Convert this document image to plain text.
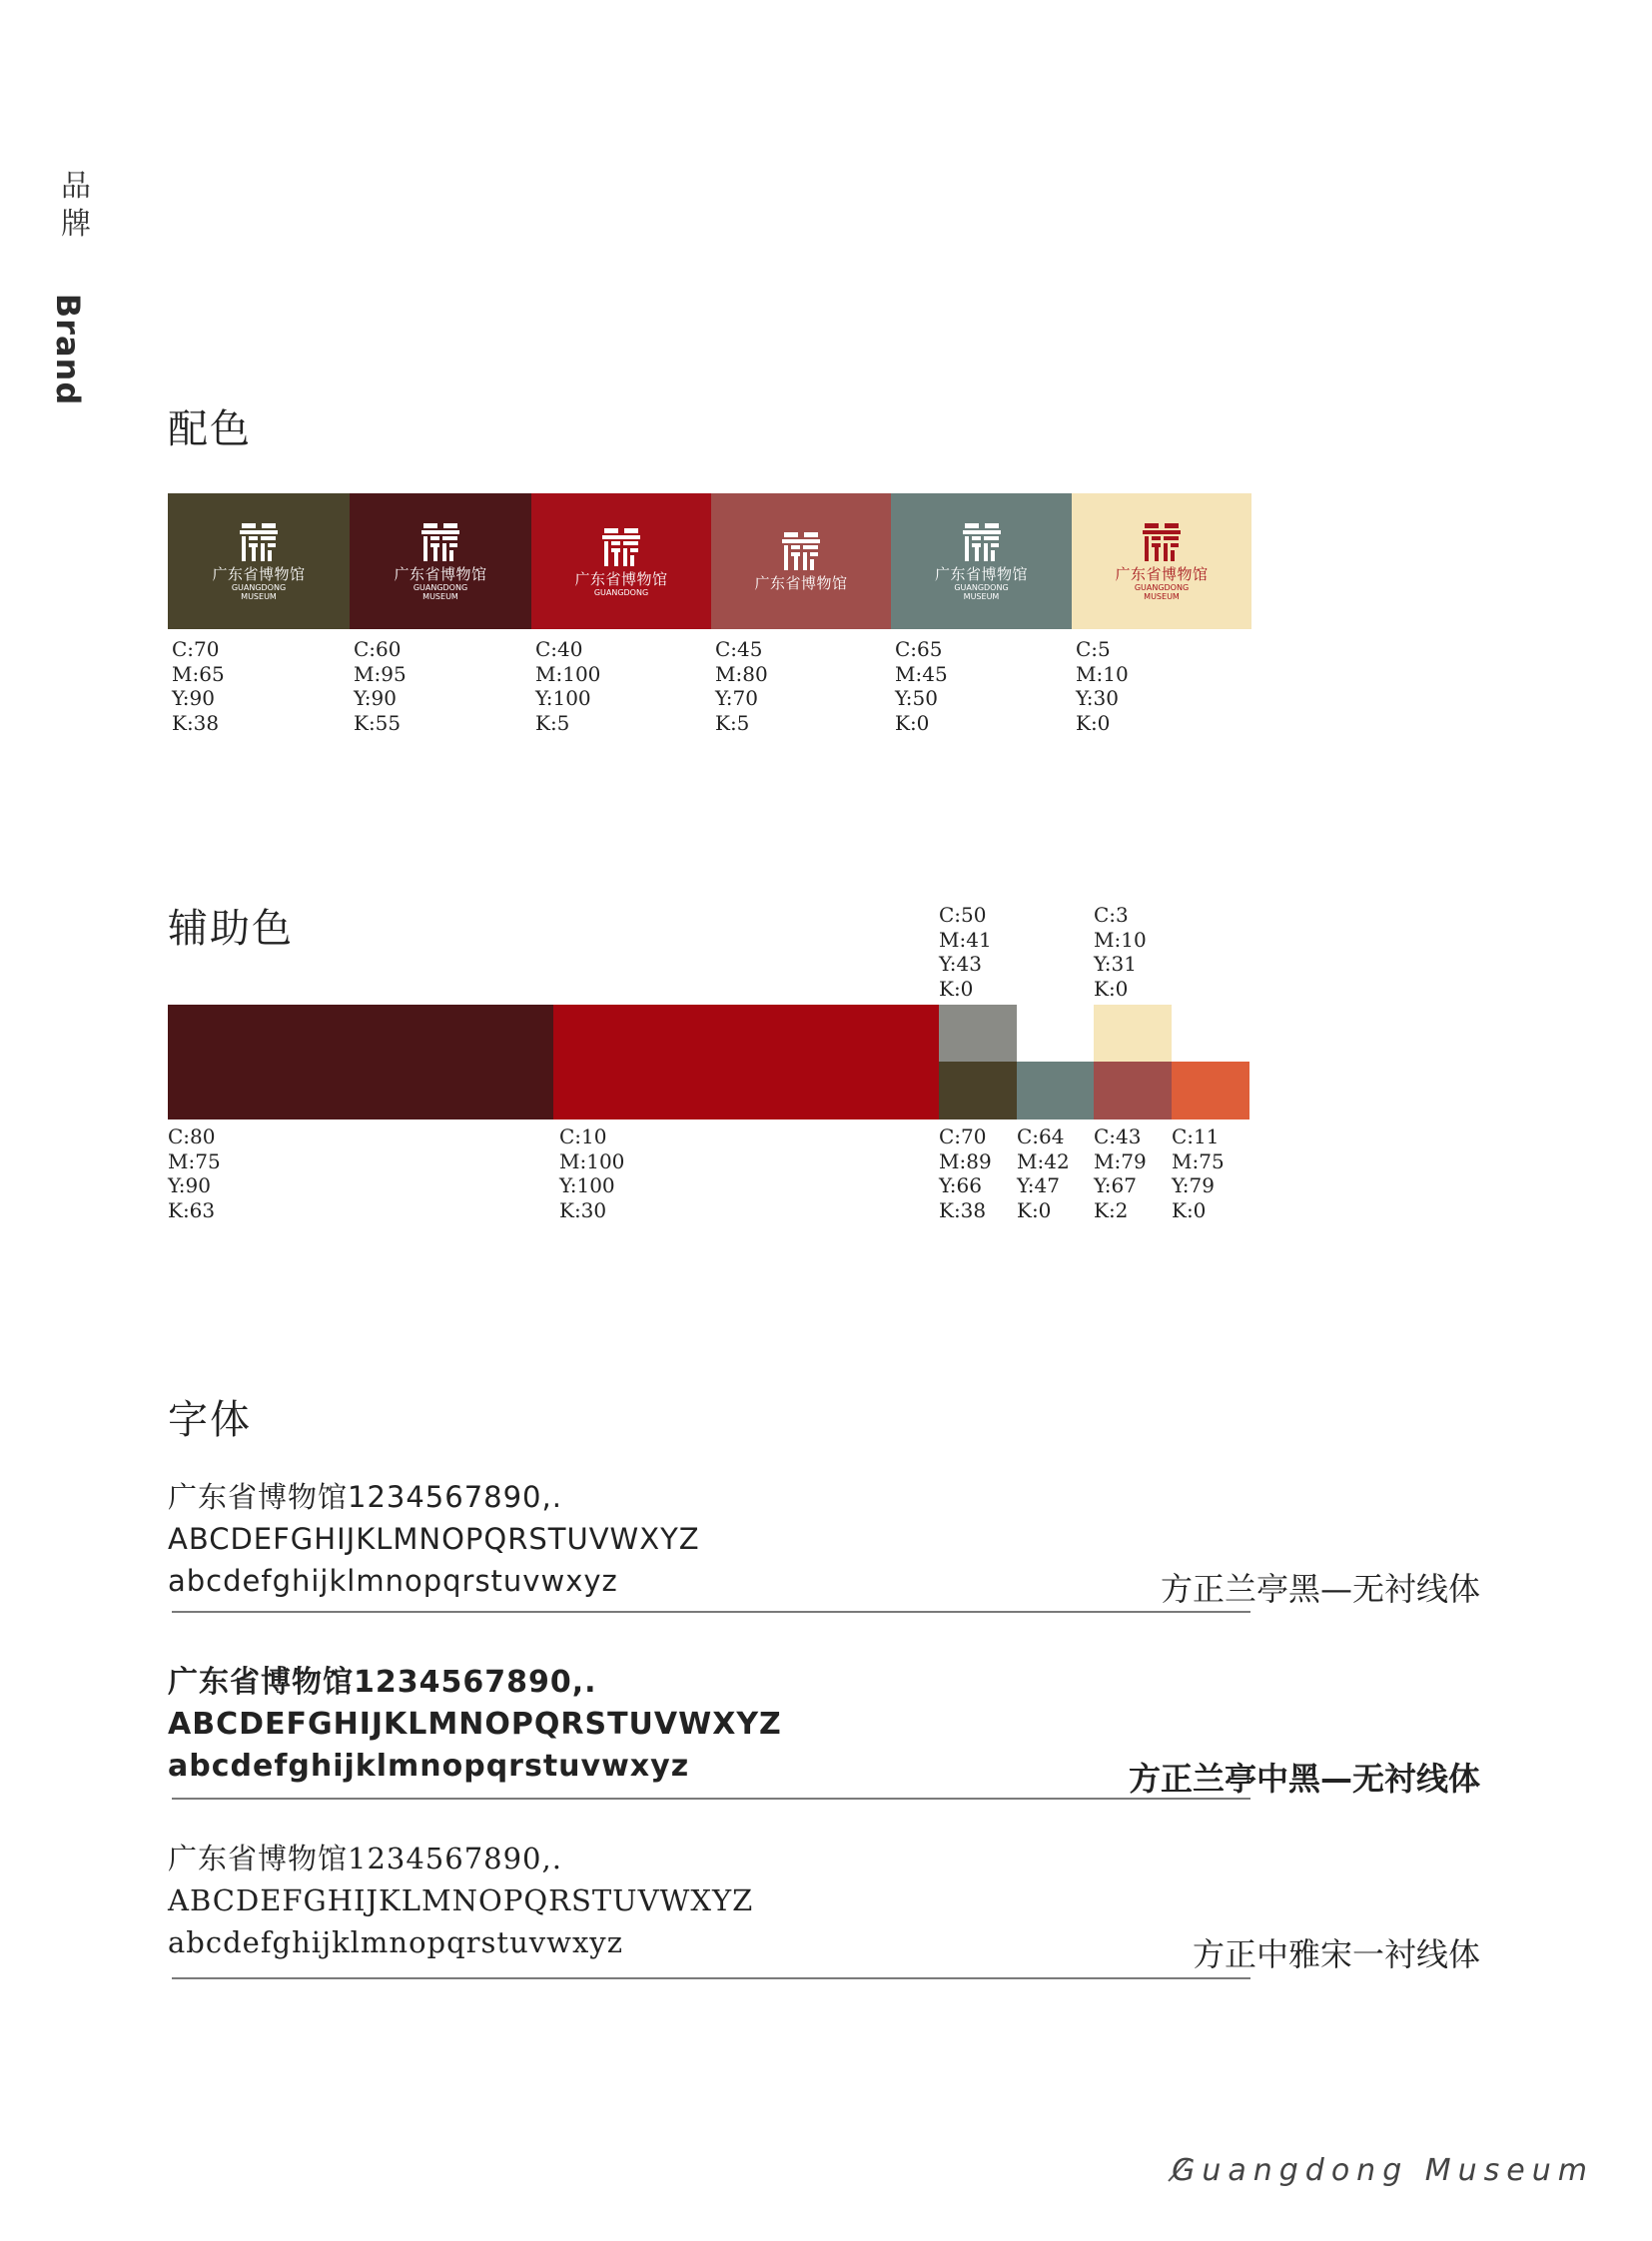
品
牌
Brand
配色
广东省博物馆
GUANGDONG
MUSEUM
C:70
M:65
Y:90
K:38
广东省博物馆
GUANGDONG
MUSEUM
C:60
M:95
Y:90
K:55
广东省博物馆
GUANGDONG
C:40
M:100
Y:100
K:5
广东省博物馆
C:45
M:80
Y:70
K:5
广东省博物馆
GUANGDONG
MUSEUM
C:65
M:45
Y:50
K:0
广东省博物馆
GUANGDONG
MUSEUM
C:5
M:10
Y:30
K:0
辅助色	C:50
M:41
Y:43
K:0
C:3
M:10
Y:31
K:0
C:80
M:75
Y:90
K:63
C:10
M:100
Y:100
K:30
C:70
M:89
Y:66
K:38
C:64
M:42
Y:47
K:0
C:43
M:79
Y:67
K:2
C:11
M:75
Y:79
K:0
字体
广东省博物馆1234567890,.
ABCDEFGHIJKLMNOPQRSTUVWXYZ
abcdefghijklmnopqrstuvwxyz	方正兰亭黑—无衬线体
广东省博物馆1234567890,.
ABCDEFGHIJKLMNOPQRSTUVWXYZ
abcdefghijklmnopqrstuvwxyz	方正兰亭中黑—无衬线体
广东省博物馆1234567890,.
ABCDEFGHIJKLMNOPQRSTUVWXYZ
abcdefghijklmnopqrstuvwxyz	方正中雅宋一衬线体
Guangdong Museum
